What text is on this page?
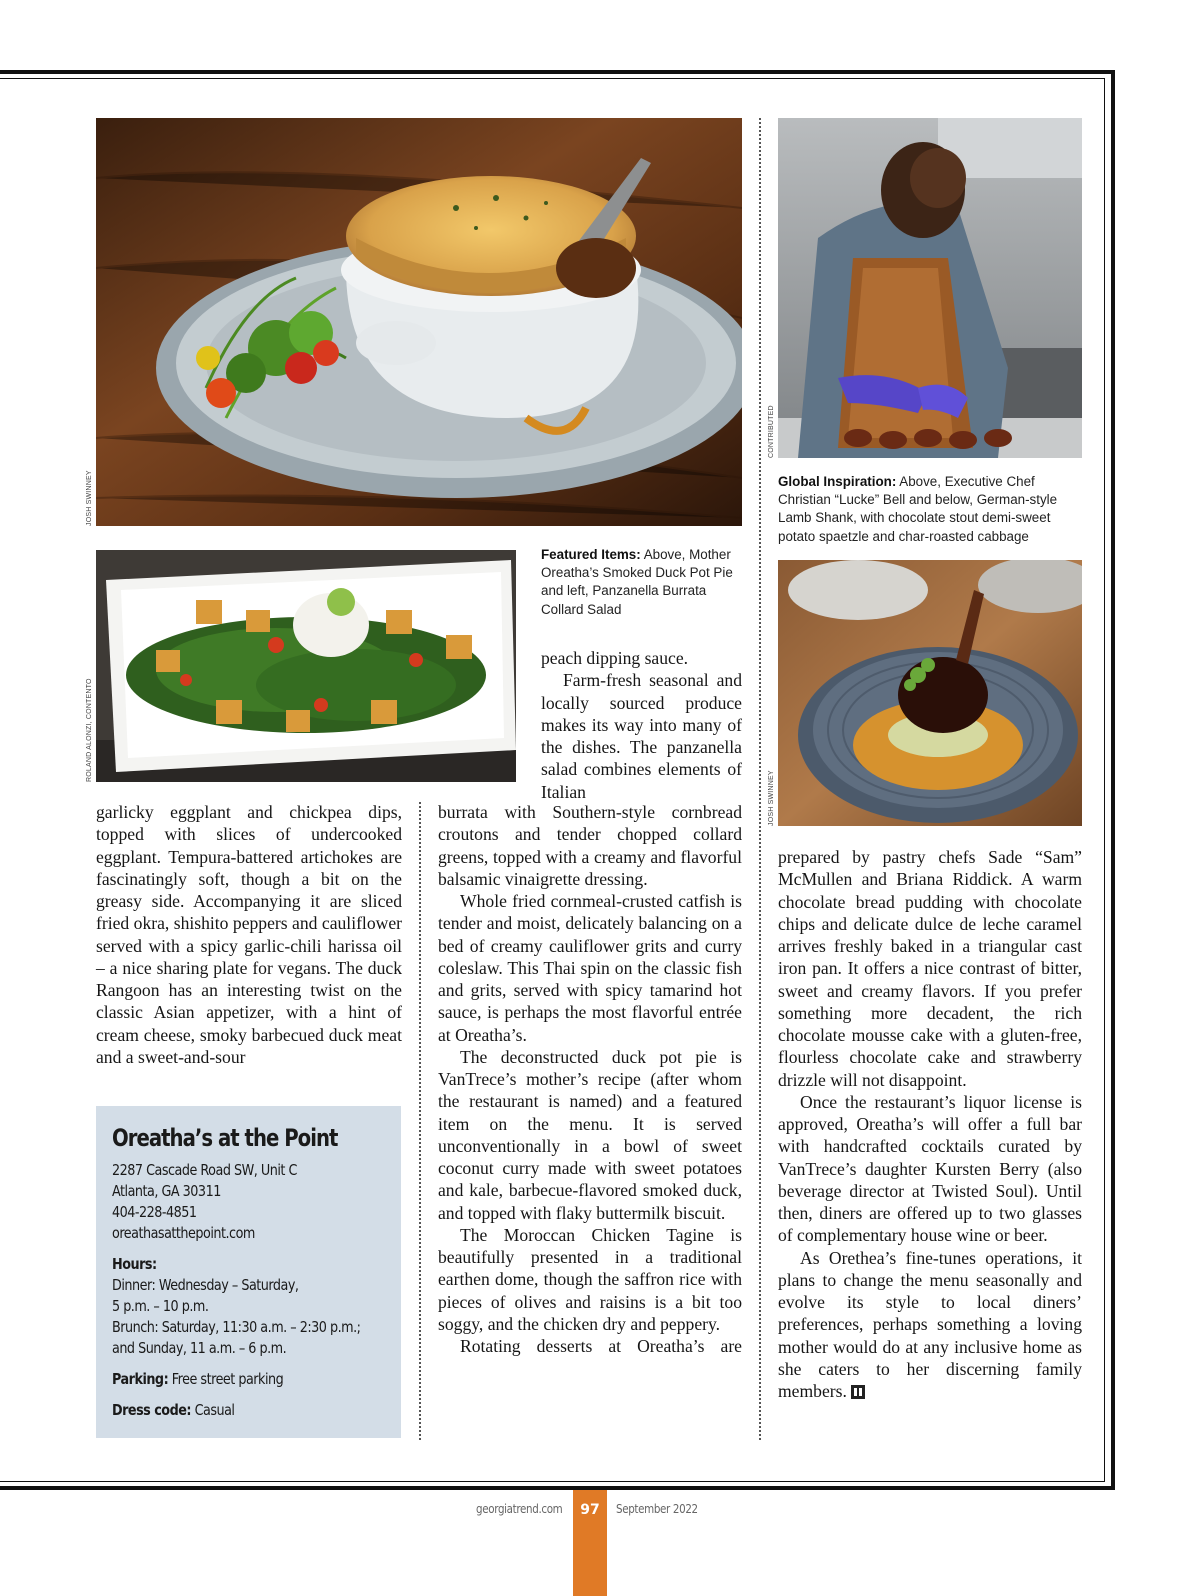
JOSH SWINNEY
CONTRIBUTED
ROLAND ALONZI, CONTENTO
JOSH SWINNEY
Featured Items: Above, Mother Oreatha’s Smoked Duck Pot Pie and left, Panzanella Burrata Collard Salad
Global Inspiration: Above, Executive Chef Christian “Lucke” Bell and below, German-style Lamb Shank, with chocolate stout demi-sweet potato spaetzle and char-roasted cabbage

garlicky eggplant and chickpea dips, topped with slices of undercooked eggplant. Tempura-battered artichokes are fascinatingly soft, though a bit on the greasy side. Accompanying it are sliced fried okra, shishito peppers and cauliflower served with a spicy garlic-chili harissa oil – a nice sharing plate for vegans. The duck Rangoon has an interesting twist on the classic Asian appetizer, with a hint of cream cheese, smoky barbecued duck meat and a sweet-and-sour

peach dipping sauce.

Farm-fresh seasonal and locally sourced produce makes its way into many of the dishes. The panzanella salad combines elements of Italian

burrata with Southern-style cornbread croutons and tender chopped collard greens, topped with a creamy and flavorful balsamic vinaigrette dressing.

Whole fried cornmeal-crusted catfish is tender and moist, delicately balancing on a bed of creamy cauliflower grits and curry coleslaw. This Thai spin on the classic fish and grits, served with spicy tamarind hot sauce, is perhaps the most flavorful entrée at Oreatha’s.

The deconstructed duck pot pie is VanTrece’s mother’s recipe (after whom the restaurant is named) and a featured item on the menu. It is served unconventionally in a bowl of sweet coconut curry made with sweet potatoes and kale, barbecue-flavored smoked duck, and topped with flaky buttermilk biscuit.

The Moroccan Chicken Tagine is beautifully presented in a traditional earthen dome, though the saffron rice with pieces of olives and raisins is a bit too soggy, and the chicken dry and peppery.

Rotating desserts at Oreatha’s are

prepared by pastry chefs Sade “Sam” McMullen and Briana Riddick. A warm chocolate bread pudding with chocolate chips and delicate dulce de leche caramel arrives freshly baked in a triangular cast iron pan. It offers a nice contrast of bitter, sweet and creamy flavors. If you prefer something more decadent, the rich chocolate mousse cake with a gluten-free, flourless chocolate cake and strawberry drizzle will not disappoint.

Once the restaurant’s liquor license is approved, Oreatha’s will offer a full bar with handcrafted cocktails curated by VanTrece’s daughter Kursten Berry (also beverage director at Twisted Soul). Until then, diners are offered up to two glasses of complementary house wine or beer.

As Orethea’s fine-tunes operations, it plans to change the menu seasonally and evolve its style to local diners’ preferences, perhaps something a loving mother would do at any inclusive home as she caters to her discerning family members.

Oreatha’s at the Point
2287 Cascade Road SW, Unit C
Atlanta, GA 30311
404-228-4851
oreathasatthepoint.com
Hours:
Dinner: Wednesday – Saturday,
5 p.m. – 10 p.m.
Brunch: Saturday, 11:30 a.m. – 2:30 p.m.;
and Sunday, 11 a.m. – 6 p.m.
Parking: Free street parking
Dress code: Casual
georgiatrend.com	97	September 2022
